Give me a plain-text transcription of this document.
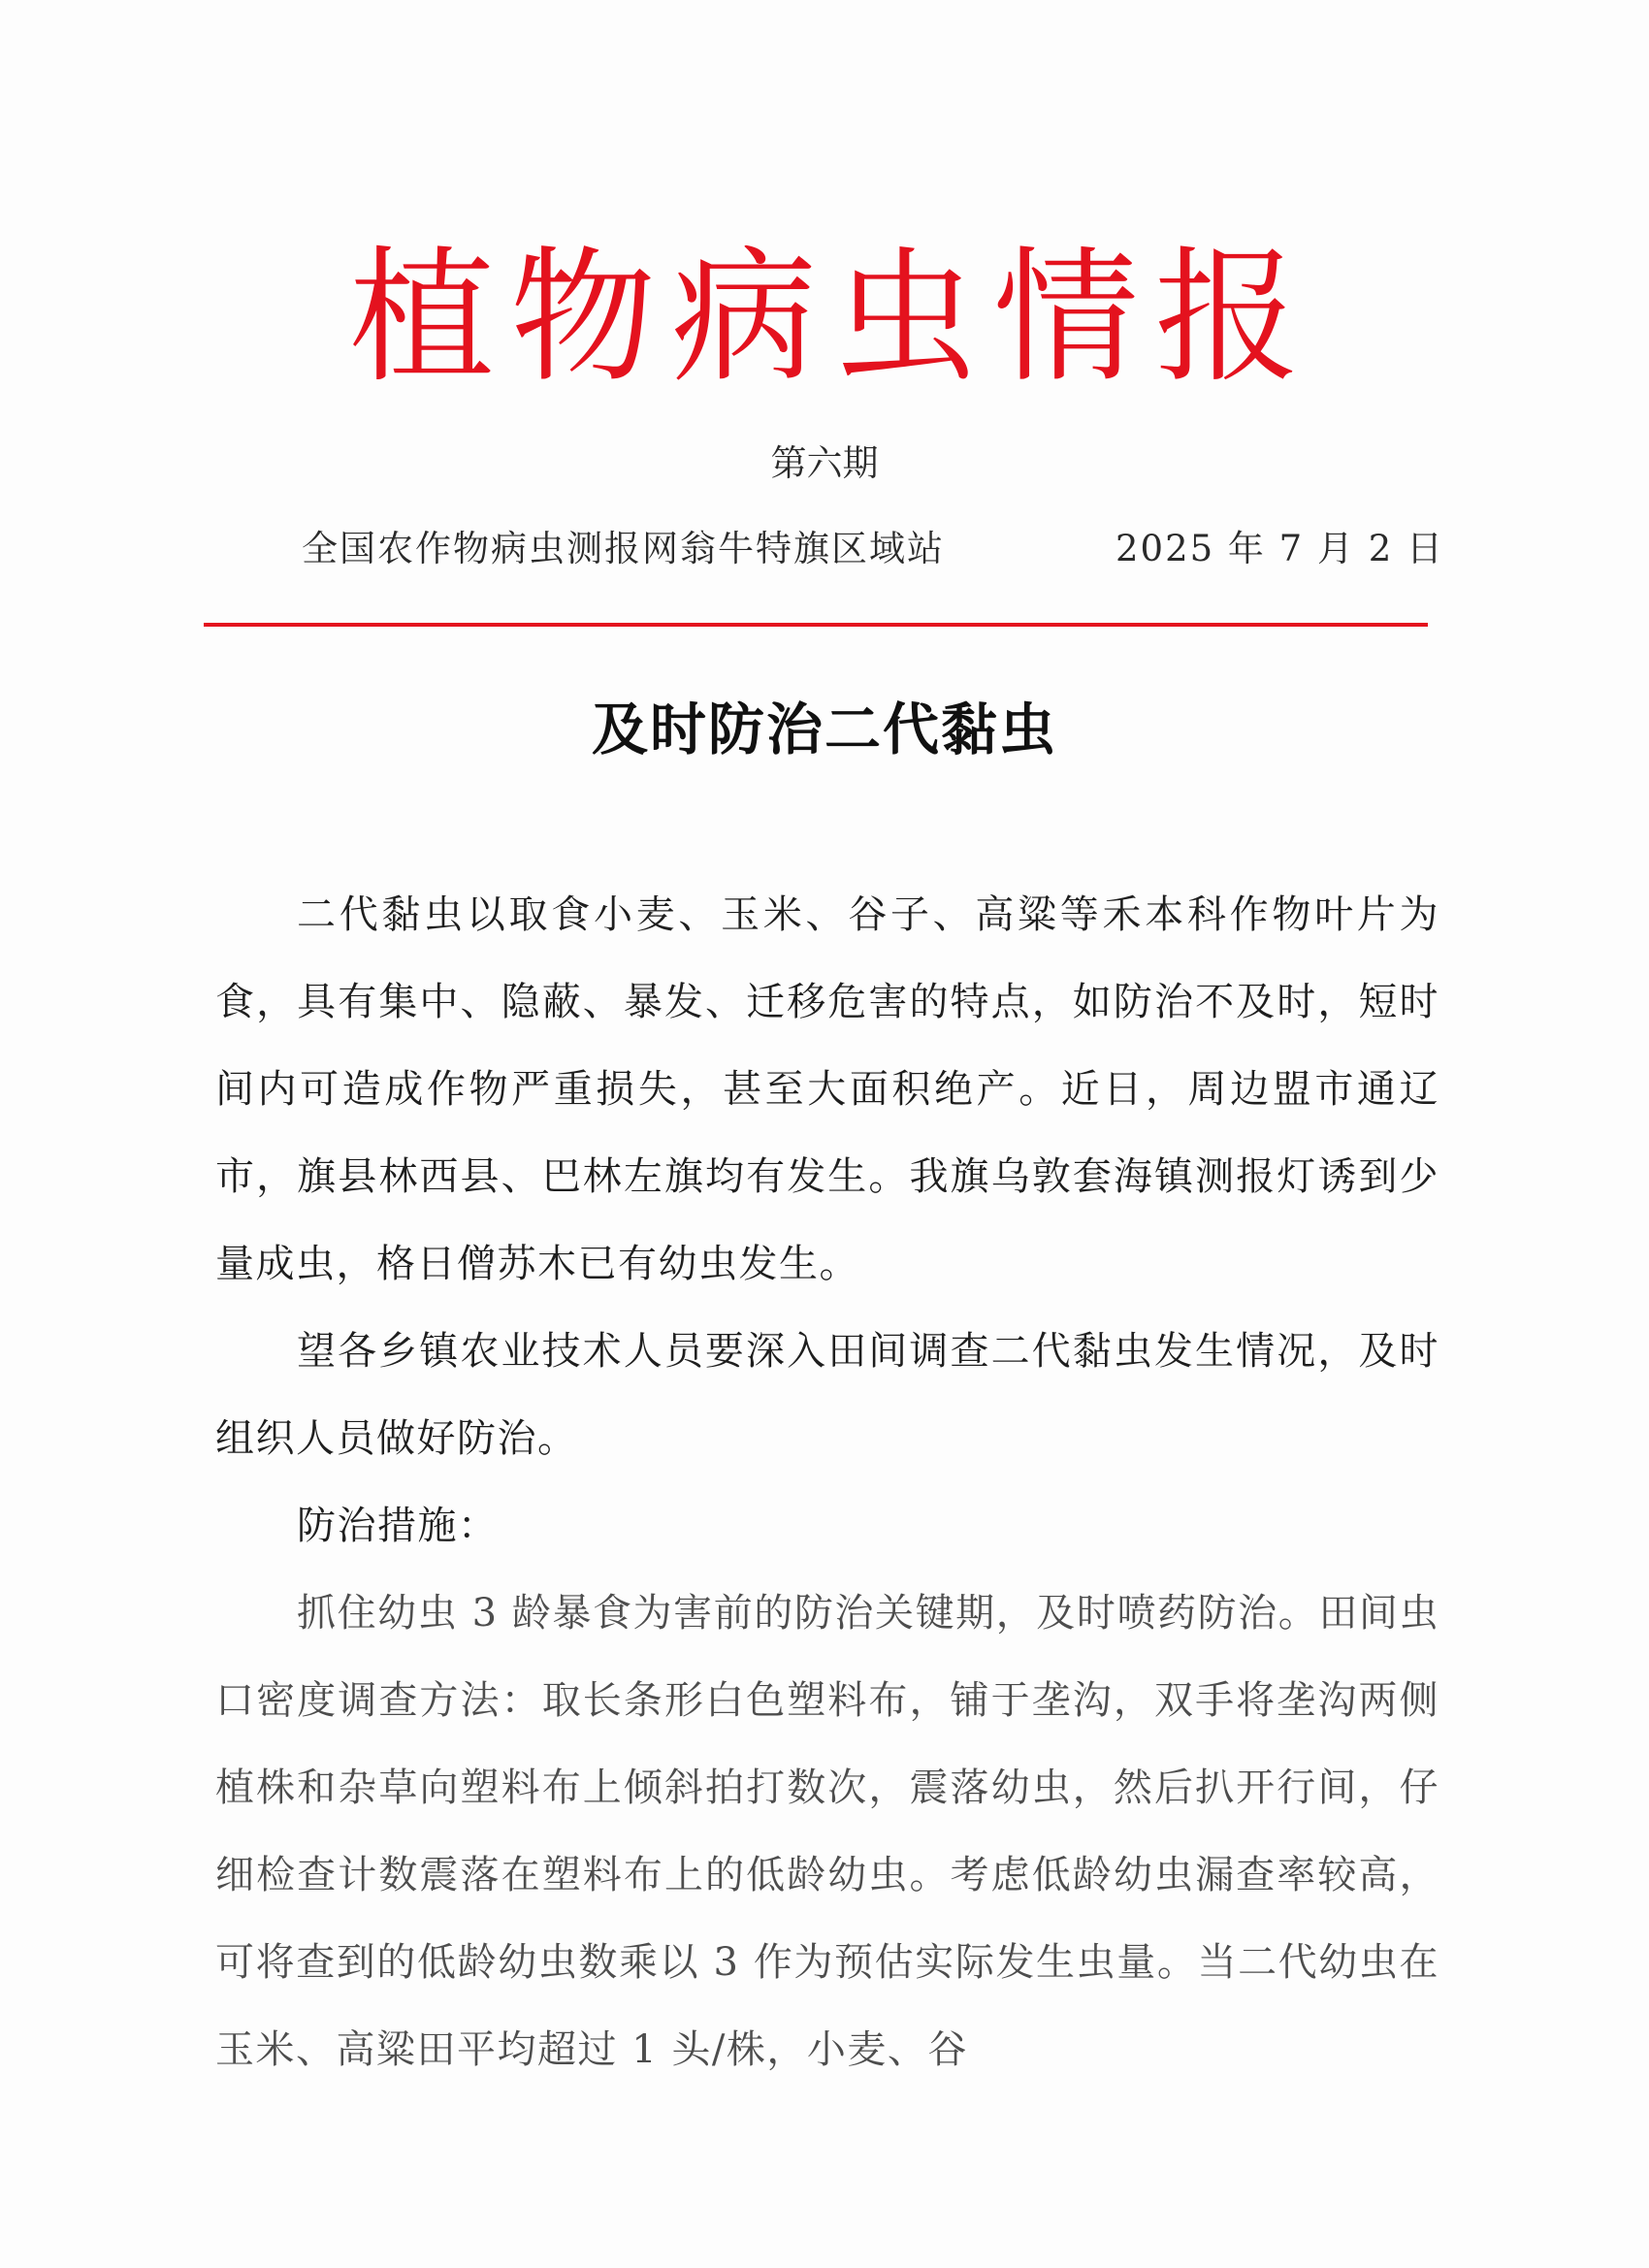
植物病虫情报
第六期
全国农作物病虫测报网翁牛特旗区域站	2025 年 7 月 2 日
及时防治二代黏虫

二代黏虫以取食小麦、玉米、谷子、高粱等禾本科作物叶片为食，具有集中、隐蔽、暴发、迁移危害的特点，如防治不及时，短时间内可造成作物严重损失，甚至大面积绝产。近日，周边盟市通辽市，旗县林西县、巴林左旗均有发生。我旗乌敦套海镇测报灯诱到少量成虫，格日僧苏木已有幼虫发生。

望各乡镇农业技术人员要深入田间调查二代黏虫发生情况，及时组织人员做好防治。

防治措施：

抓住幼虫 3 龄暴食为害前的防治关键期，及时喷药防治。田间虫口密度调查方法：取长条形白色塑料布，铺于垄沟，双手将垄沟两侧植株和杂草向塑料布上倾斜拍打数次，震落幼虫，然后扒开行间，仔细检查计数震落在塑料布上的低龄幼虫。考虑低龄幼虫漏查率较高，可将查到的低龄幼虫数乘以 3 作为预估实际发生虫量。当二代幼虫在玉米、高粱田平均超过 1 头/株，小麦、谷
